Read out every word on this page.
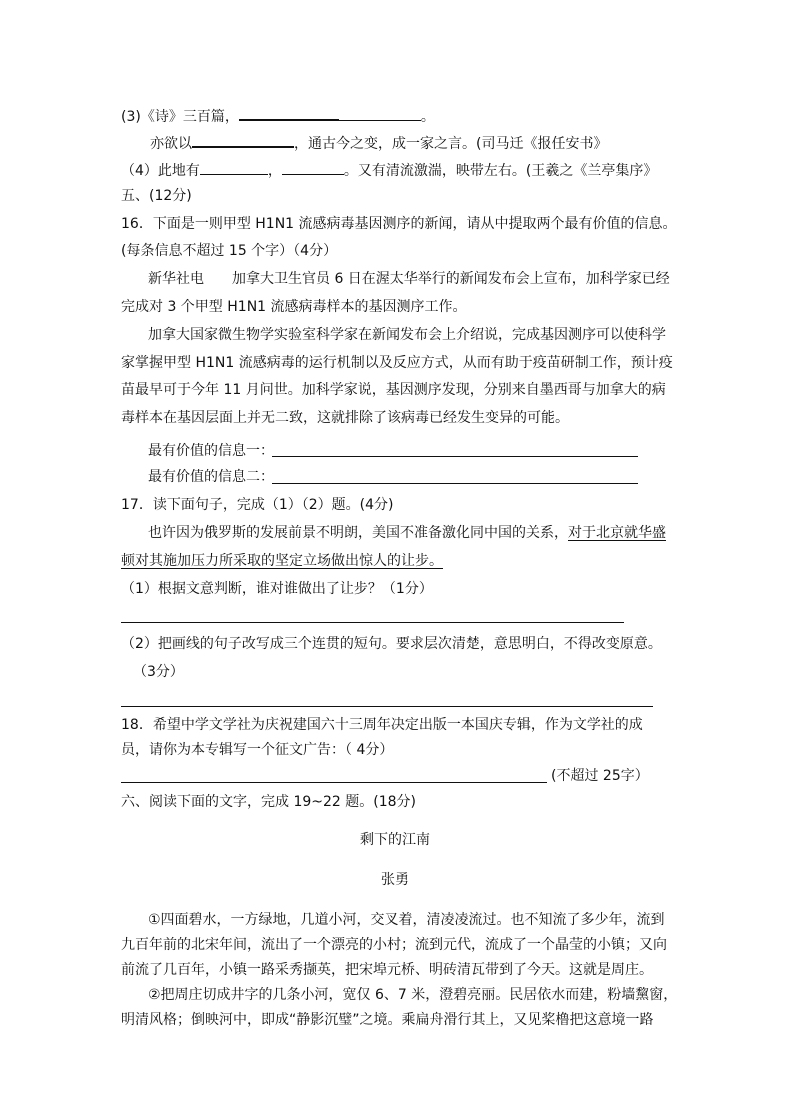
(3)《诗》三百篇，	。
亦欲以	，通古今之变，成一家之言。(司马迁《报任安书》
（4）此地有	，	。又有清流激湍，映带左右。(王羲之《兰亭集序》
五、(12分)
16．下面是一则甲型 H1N1 流感病毒基因测序的新闻，请从中提取两个最有价值的信息。
(每条信息不超过 15 个字）（4分）
新华社电　　加拿大卫生官员 6 日在渥太华举行的新闻发布会上宣布，加科学家已经
完成对 3 个甲型 H1N1 流感病毒样本的基因测序工作。
加拿大国家微生物学实验室科学家在新闻发布会上介绍说，完成基因测序可以使科学
家掌握甲型 H1N1 流感病毒的运行机制以及反应方式，从而有助于疫苗研制工作，预计疫
苗最早可于今年 11 月问世。加科学家说，基因测序发现，分别来自墨西哥与加拿大的病
毒样本在基因层面上并无二致，这就排除了该病毒已经发生变异的可能。
最有价值的信息一：
最有价值的信息二：
17．读下面句子，完成（1）（2）题。(4分)
也许因为俄罗斯的发展前景不明朗，美国不准备激化同中国的关系，对于北京就华盛
顿对其施加压力所采取的坚定立场做出惊人的让步。
（1）根据文意判断，谁对谁做出了让步？（1分）
（2）把画线的句子改写成三个连贯的短句。要求层次清楚，意思明白，不得改变原意。
（3分）
18．希望中学文学社为庆祝建国六十三周年决定出版一本国庆专辑，作为文学社的成
员，请你为本专辑写一个征文广告：（ 4分）
(不超过 25字）
六、阅读下面的文字，完成 19~22 题。(18分)
剩下的江南
张勇
①四面碧水，一方绿地，几道小河，交叉着，清凌凌流过。也不知流了多少年，流到
九百年前的北宋年间，流出了一个漂亮的小村；流到元代，流成了一个晶莹的小镇；又向
前流了几百年，小镇一路采秀撷英，把宋埠元桥、明砖清瓦带到了今天。这就是周庄。
②把周庄切成井字的几条小河，宽仅 6、7 米，澄碧亮丽。民居依水而建，粉墙黧窗，
明清风格；倒映河中，即成“静影沉璧”之境。乘扁舟滑行其上，又见桨橹把这意境一路
